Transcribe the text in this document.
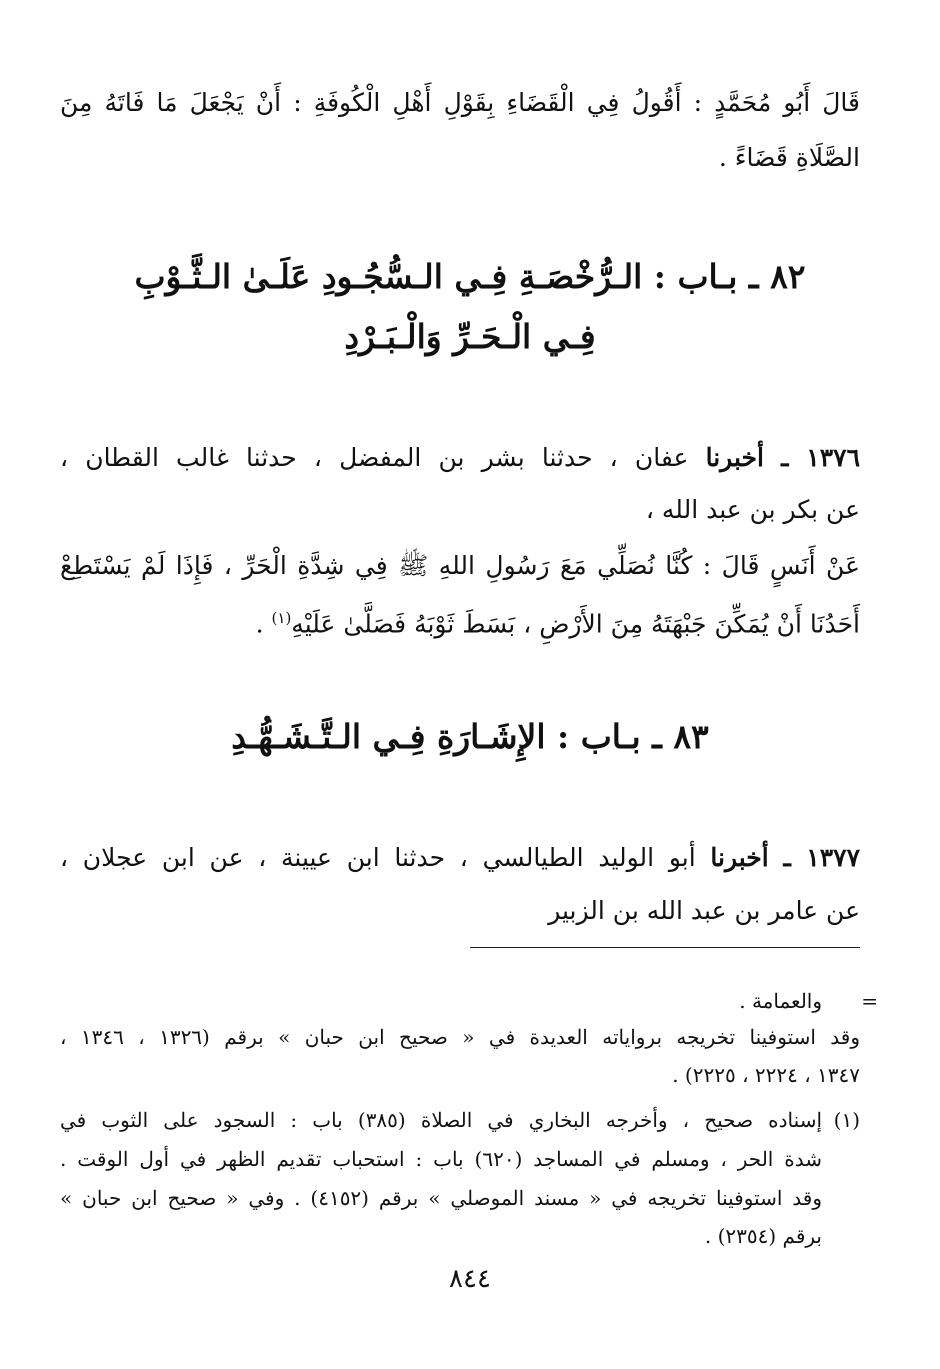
قَالَ أَبُو مُحَمَّدٍ : أَقُولُ فِي الْقَضَاءِ بِقَوْلِ أَهْلِ الْكُوفَةِ : أَنْ يَجْعَلَ مَا فَاتَهُ مِنَ
الصَّلَاةِ قَضَاءً .
٨٢ ـ بـاب : الـرُّخْصَـةِ فِـي الـسُّجُـودِ عَلَـىٰ الـثَّـوْبِ
فِـي الْـحَـرِّ وَالْـبَـرْدِ
١٣٧٦ ـ أخبرنا عفان ، حدثنا بشر بن المفضل ، حدثنا غالب القطان ،
عن بكر بن عبد الله ،
عَنْ أَنَسٍ قَالَ : كُنَّا نُصَلِّي مَعَ رَسُولِ اللهِ ﷺ فِي شِدَّةِ الْحَرِّ ، فَإِذَا لَمْ يَسْتَطِعْ
أَحَدُنَا أَنْ يُمَكِّنَ جَبْهَتَهُ مِنَ الأَرْضِ ، بَسَطَ ثَوْبَهُ فَصَلَّىٰ عَلَيْهِ$^{(١)}$ .
٨٣ ـ بـاب : الإِشَـارَةِ فِـي الـتَّـشَـهُّـدِ
١٣٧٧ ـ أخبرنا أبو الوليد الطيالسي ، حدثنا ابن عيينة ، عن ابن عجلان ،
عن عامر بن عبد الله بن الزبير
=
والعمامة .
وقد استوفينا تخريجه برواياته العديدة في « صحيح ابن حبان » برقم (١٣٢٦ ، ١٣٤٦ ،
١٣٤٧ ، ٢٢٢٤ ، ٢٢٢٥) .
(١)
إسناده صحيح ، وأخرجه البخاري في الصلاة (٣٨٥) باب : السجود على الثوب في
شدة الحر ، ومسلم في المساجد (٦٢٠) باب : استحباب تقديم الظهر في أول الوقت .
وقد استوفينا تخريجه في « مسند الموصلي » برقم (٤١٥٢) . وفي « صحيح ابن حبان »
برقم (٢٣٥٤) .
٨٤٤
